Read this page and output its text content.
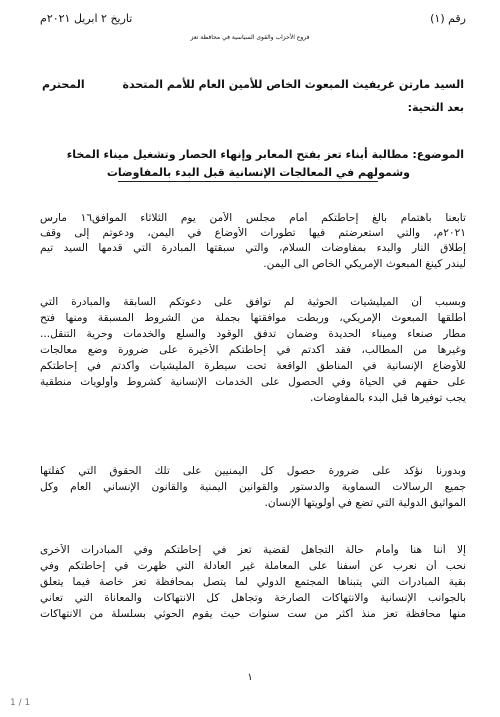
تاريخ ٢ ابريل ٢٠٢١م	رقم (١)
فروع الأحزاب والقوى السياسية في محافظة تعز
السيد مارتن غريفيث المبعوث الخاص للأمين العام للأمم المتحدة
المحترم
بعد التحية:
الموضوع: مطالبة أبناء تعز بفتح المعابر وإنهاء الحصار وتشغيل ميناء المخاء
وشمولهم في المعالجات الإنسانية قبل البدء بالمفاوضات
تابعنا باهتمام بالغ إحاطتكم أمام مجلس الأمن يوم الثلاثاء الموافق١٦ مارس
٢٠٢١م، والتي استعرضتم فيها تطورات الأوضاع في اليمن، ودعوتم إلى وقف
إطلاق النار والبدء بمفاوضات السلام، والتي سبقتها المبادرة التي قدمها السيد تيم
ليندر كينغ المبعوث الإمريكي الخاص الى اليمن.
وبسبب أن الميليشيات الحوثية لم توافق على دعوتكم السابقة والمبادرة التي
أطلقها المبعوث الإمريكي، وربطت موافقتها بجملة من الشروط المسبقة ومنها فتح
مطار صنعاء وميناء الحديدة وضمان تدفق الوقود والسلع والخدمات وحرية التنقل...
وغيرها من المطالب، فقد أكدتم في إحاطتكم الأخيرة على ضرورة وضع معالجات
للأوضاع الإنسانية في المناطق الواقعة تحت سيطرة المليشيات وأكدتم في إحاطتكم
على حقهم في الحياة وفي الحصول على الخدمات الإنسانية كشروط وأولويات منطقية
يجب توفيرها قبل البدء بالمفاوضات.
وبدورنا نؤكد على ضرورة حصول كل اليمنيين على تلك الحقوق التي كفلتها
جميع الرسالات السماوية والدستور والقوانين اليمنية والقانون الإنساني العام وكل
المواثيق الدولية التي تضع في أولويتها الإنسان.
إلا أننا هنا وأمام حالة التجاهل لقضية تعز في إحاطتكم وفي المبادرات الأخرى
نحب أن نعرب عن أسفنا على المعاملة غير العادلة التي ظهرت في إحاطتكم وفي
بقية المبادرات التي يتبناها المجتمع الدولي لما يتصل بمحافظة تعز خاصة فيما يتعلق
بالجوانب الإنسانية والانتهاكات الصارخة وتجاهل كل الانتهاكات والمعاناة التي تعاني
منها محافظة تعز منذ أكثر من ست سنوات حيث يقوم الحوثي بسلسلة من الانتهاكات
١
1 / 1
